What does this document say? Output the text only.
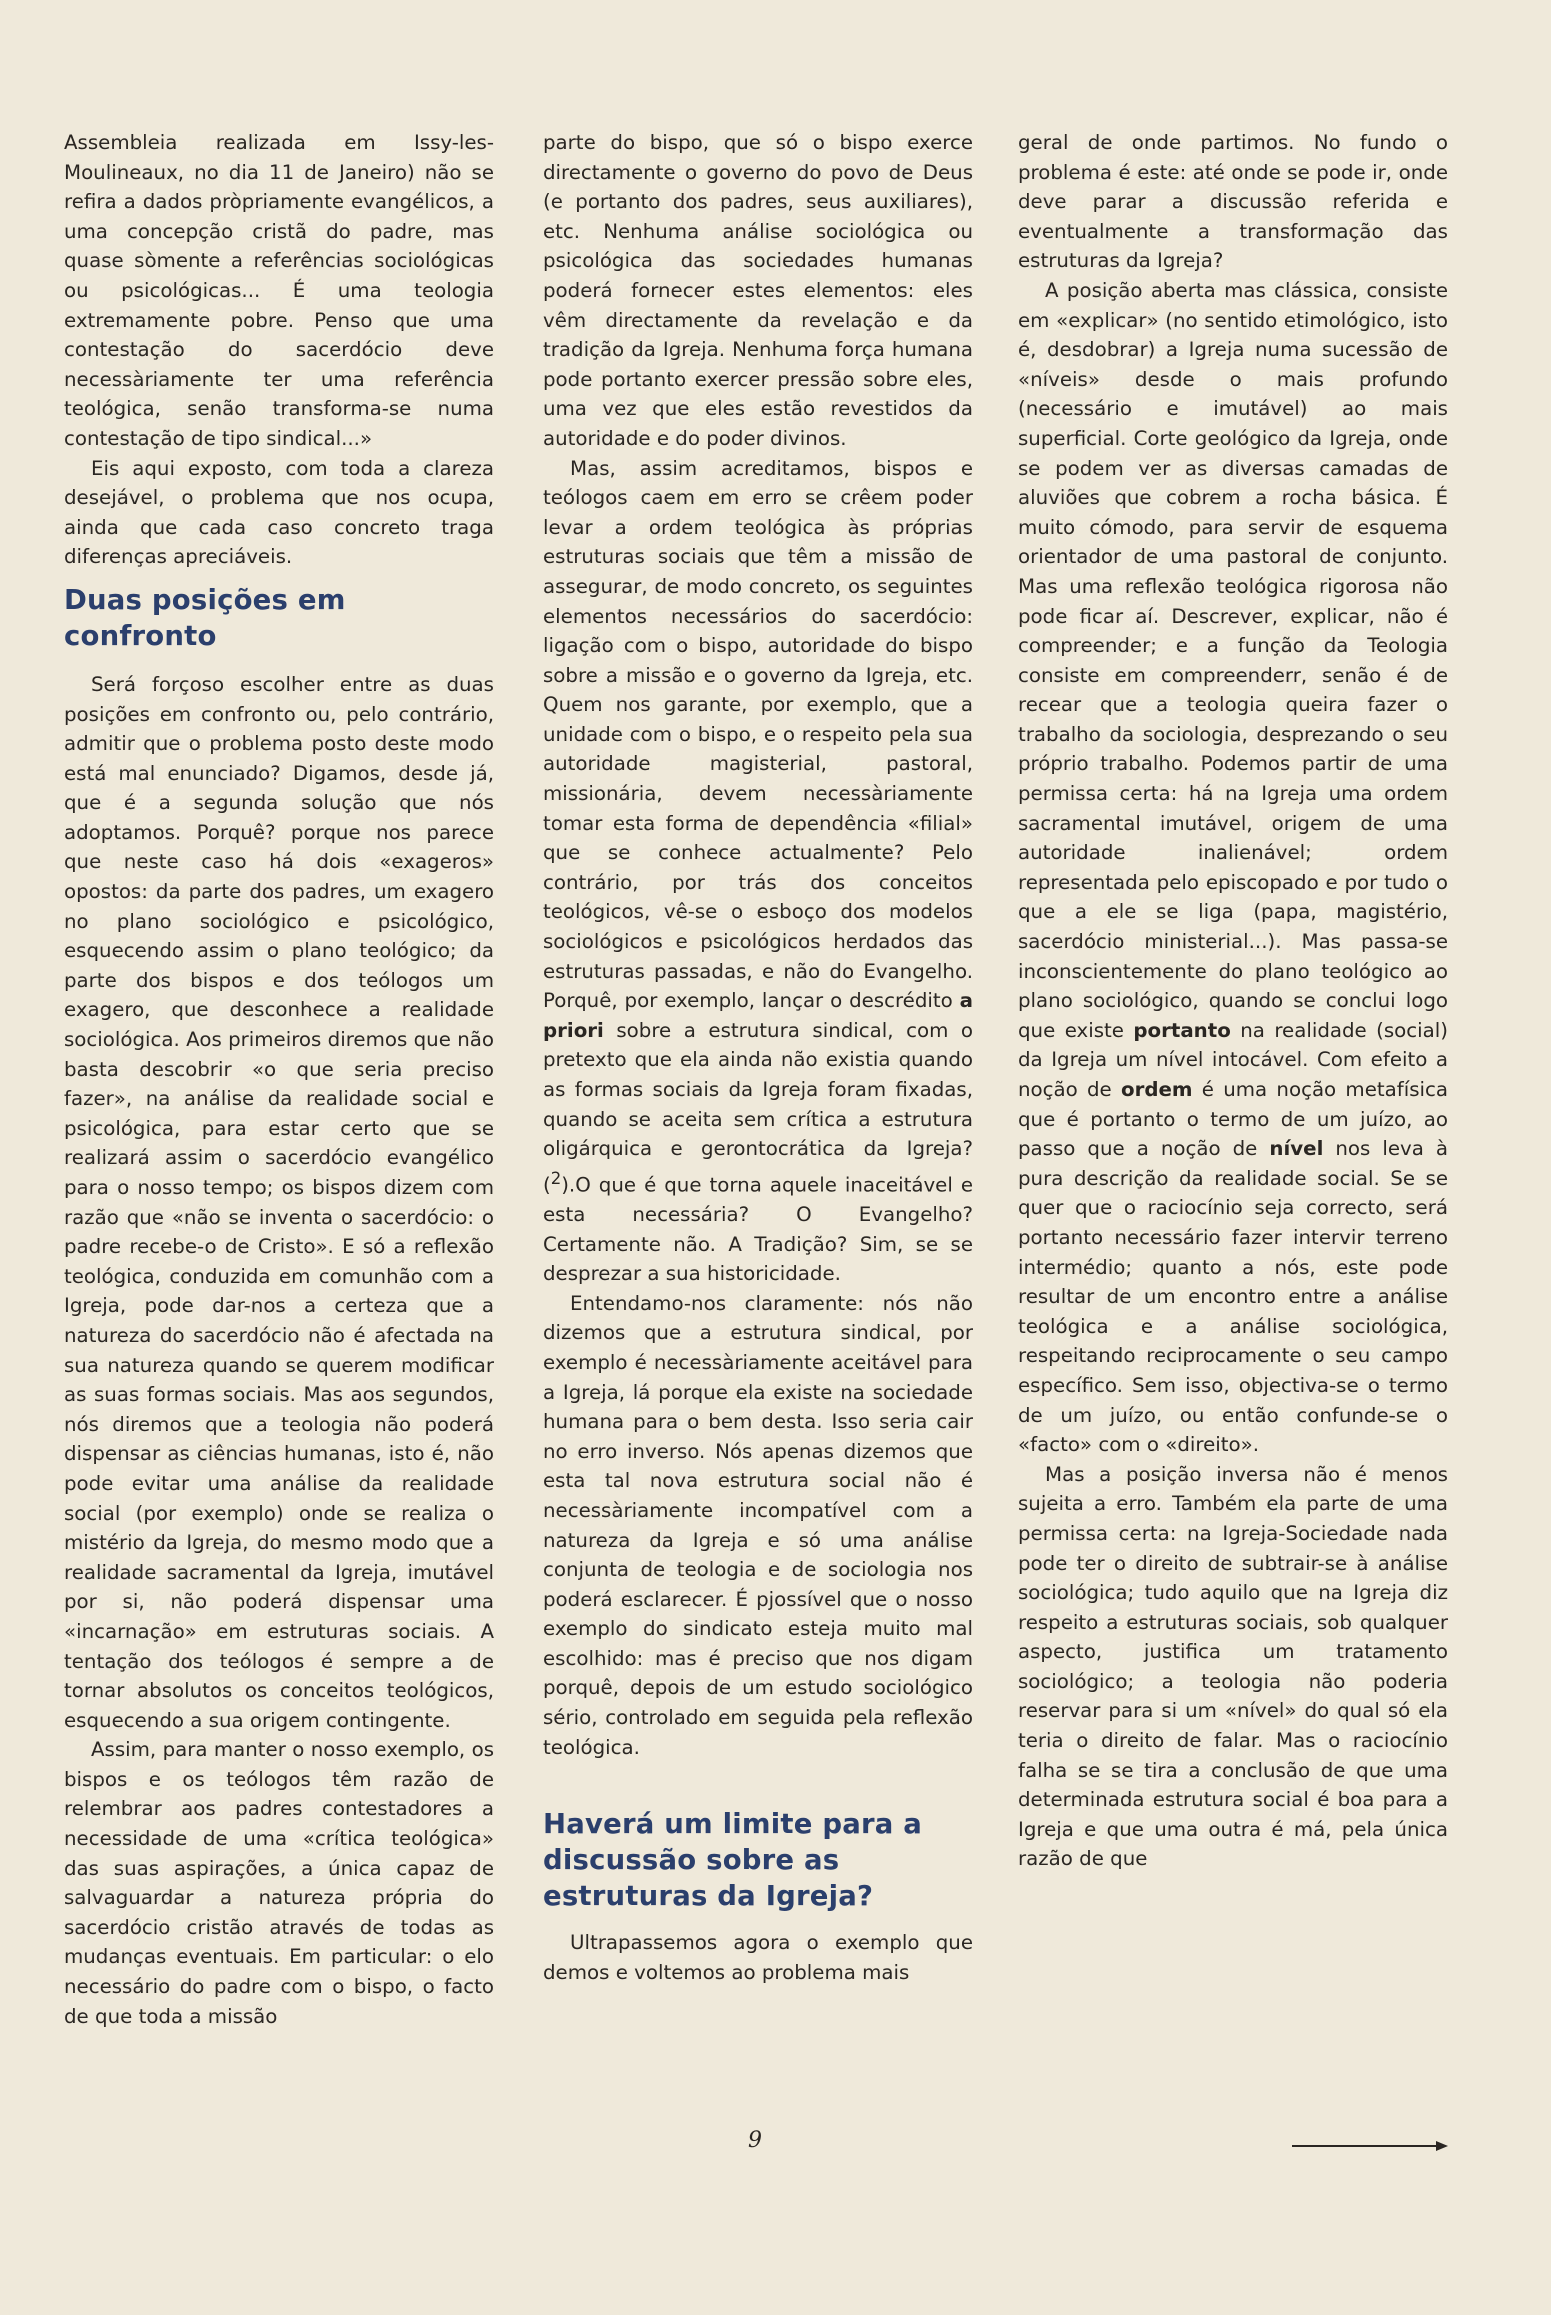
Assembleia realizada em Issy-les-Moulineaux, no dia 11 de Janeiro) não se refira a dados pròpriamente evangélicos, a uma concepção cristã do padre, mas quase sòmente a referências sociológicas ou psicológicas... É uma teologia extremamente pobre. Penso que uma contestação do sacerdócio deve necessàriamente ter uma referência teológica, senão transforma-se numa contestação de tipo sindical...»

Eis aqui exposto, com toda a clareza desejável, o problema que nos ocupa, ainda que cada caso concreto traga diferenças apreciáveis.

Duas posições em confronto

Será forçoso escolher entre as duas posições em confronto ou, pelo contrário, admitir que o problema posto deste modo está mal enunciado? Digamos, desde já, que é a segunda solução que nós adoptamos. Porquê? porque nos parece que neste caso há dois «exageros» opostos: da parte dos padres, um exagero no plano sociológico e psicológico, esquecendo assim o plano teológico; da parte dos bispos e dos teólogos um exagero, que desconhece a realidade sociológica. Aos primeiros diremos que não basta descobrir «o que seria preciso fazer», na análise da realidade social e psicológica, para estar certo que se realizará assim o sacerdócio evangélico para o nosso tempo; os bispos dizem com razão que «não se inventa o sacerdócio: o padre recebe-o de Cristo». E só a reflexão teológica, conduzida em comunhão com a Igreja, pode dar-nos a certeza que a natureza do sacerdócio não é afectada na sua natureza quando se querem modificar as suas formas sociais. Mas aos segundos, nós diremos que a teologia não poderá dispensar as ciências humanas, isto é, não pode evitar uma análise da realidade social (por exemplo) onde se realiza o mistério da Igreja, do mesmo modo que a realidade sacramental da Igreja, imutável por si, não poderá dispensar uma «incarnação» em estruturas sociais. A tentação dos teólogos é sempre a de tornar absolutos os conceitos teológicos, esquecendo a sua origem contingente.

Assim, para manter o nosso exemplo, os bispos e os teólogos têm razão de relembrar aos padres contestadores a necessidade de uma «crítica teológica» das suas aspirações, a única capaz de salvaguardar a natureza própria do sacerdócio cristão através de todas as mudanças eventuais. Em particular: o elo necessário do padre com o bispo, o facto de que toda a missão

parte do bispo, que só o bispo exerce directamente o governo do povo de Deus (e portanto dos padres, seus auxiliares), etc. Nenhuma análise sociológica ou psicológica das sociedades humanas poderá fornecer estes elementos: eles vêm directamente da revelação e da tradição da Igreja. Nenhuma força humana pode portanto exercer pressão sobre eles, uma vez que eles estão revestidos da autoridade e do poder divinos.

Mas, assim acreditamos, bispos e teólogos caem em erro se crêem poder levar a ordem teológica às próprias estruturas sociais que têm a missão de assegurar, de modo concreto, os seguintes elementos necessários do sacerdócio: ligação com o bispo, autoridade do bispo sobre a missão e o governo da Igreja, etc. Quem nos garante, por exemplo, que a unidade com o bispo, e o respeito pela sua autoridade magisterial, pastoral, missionária, devem necessàriamente tomar esta forma de dependência «filial» que se conhece actualmente? Pelo contrário, por trás dos conceitos teológicos, vê-se o esboço dos modelos sociológicos e psicológicos herdados das estruturas passadas, e não do Evangelho. Porquê, por exemplo, lançar o descrédito a priori sobre a estrutura sindical, com o pretexto que ela ainda não existia quando as formas sociais da Igreja foram fixadas, quando se aceita sem crítica a estrutura oligárquica e gerontocrática da Igreja? ($^2$).O que é que torna aquele inaceitável e esta necessária? O Evangelho? Certamente não. A Tradição? Sim, se se desprezar a sua historicidade.

Entendamo-nos claramente: nós não dizemos que a estrutura sindical, por exemplo é necessàriamente aceitável para a Igreja, lá porque ela existe na sociedade humana para o bem desta. Isso seria cair no erro inverso. Nós apenas dizemos que esta tal nova estrutura social não é necessàriamente incompatível com a natureza da Igreja e só uma análise conjunta de teologia e de sociologia nos poderá esclarecer. É pjossível que o nosso exemplo do sindicato esteja muito mal escolhido: mas é preciso que nos digam porquê, depois de um estudo sociológico sério, controlado em seguida pela reflexão teológica.

Haverá um limite para a discussão sobre as estruturas da Igreja?

Ultrapassemos agora o exemplo que demos e voltemos ao problema mais

geral de onde partimos. No fundo o problema é este: até onde se pode ir, onde deve parar a discussão referida e eventualmente a transformação das estruturas da Igreja?

A posição aberta mas clássica, consiste em «explicar» (no sentido etimológico, isto é, desdobrar) a Igreja numa sucessão de «níveis» desde o mais profundo (necessário e imutável) ao mais superficial. Corte geológico da Igreja, onde se podem ver as diversas camadas de aluviões que cobrem a rocha básica. É muito cómodo, para servir de esquema orientador de uma pastoral de conjunto. Mas uma reflexão teológica rigorosa não pode ficar aí. Descrever, explicar, não é compreender; e a função da Teologia consiste em compreenderr, senão é de recear que a teologia queira fazer o trabalho da sociologia, desprezando o seu próprio trabalho. Podemos partir de uma permissa certa: há na Igreja uma ordem sacramental imutável, origem de uma autoridade inalienável; ordem representada pelo episcopado e por tudo o que a ele se liga (papa, magistério, sacerdócio ministerial...). Mas passa-se inconscientemente do plano teológico ao plano sociológico, quando se conclui logo que existe portanto na realidade (social) da Igreja um nível intocável. Com efeito a noção de ordem é uma noção metafísica que é portanto o termo de um juízo, ao passo que a noção de nível nos leva à pura descrição da realidade social. Se se quer que o raciocínio seja correcto, será portanto necessário fazer intervir terreno intermédio; quanto a nós, este pode resultar de um encontro entre a análise teológica e a análise sociológica, respeitando reciprocamente o seu campo específico. Sem isso, objectiva-se o termo de um juízo, ou então confunde-se o «facto» com o «direito».

Mas a posição inversa não é menos sujeita a erro. Também ela parte de uma permissa certa: na Igreja-Sociedade nada pode ter o direito de subtrair-se à análise sociológica; tudo aquilo que na Igreja diz respeito a estruturas sociais, sob qualquer aspecto, justifica um tratamento sociológico; a teologia não poderia reservar para si um «nível» do qual só ela teria o direito de falar. Mas o raciocínio falha se se tira a conclusão de que uma determinada estrutura social é boa para a Igreja e que uma outra é má, pela única razão de que

9
